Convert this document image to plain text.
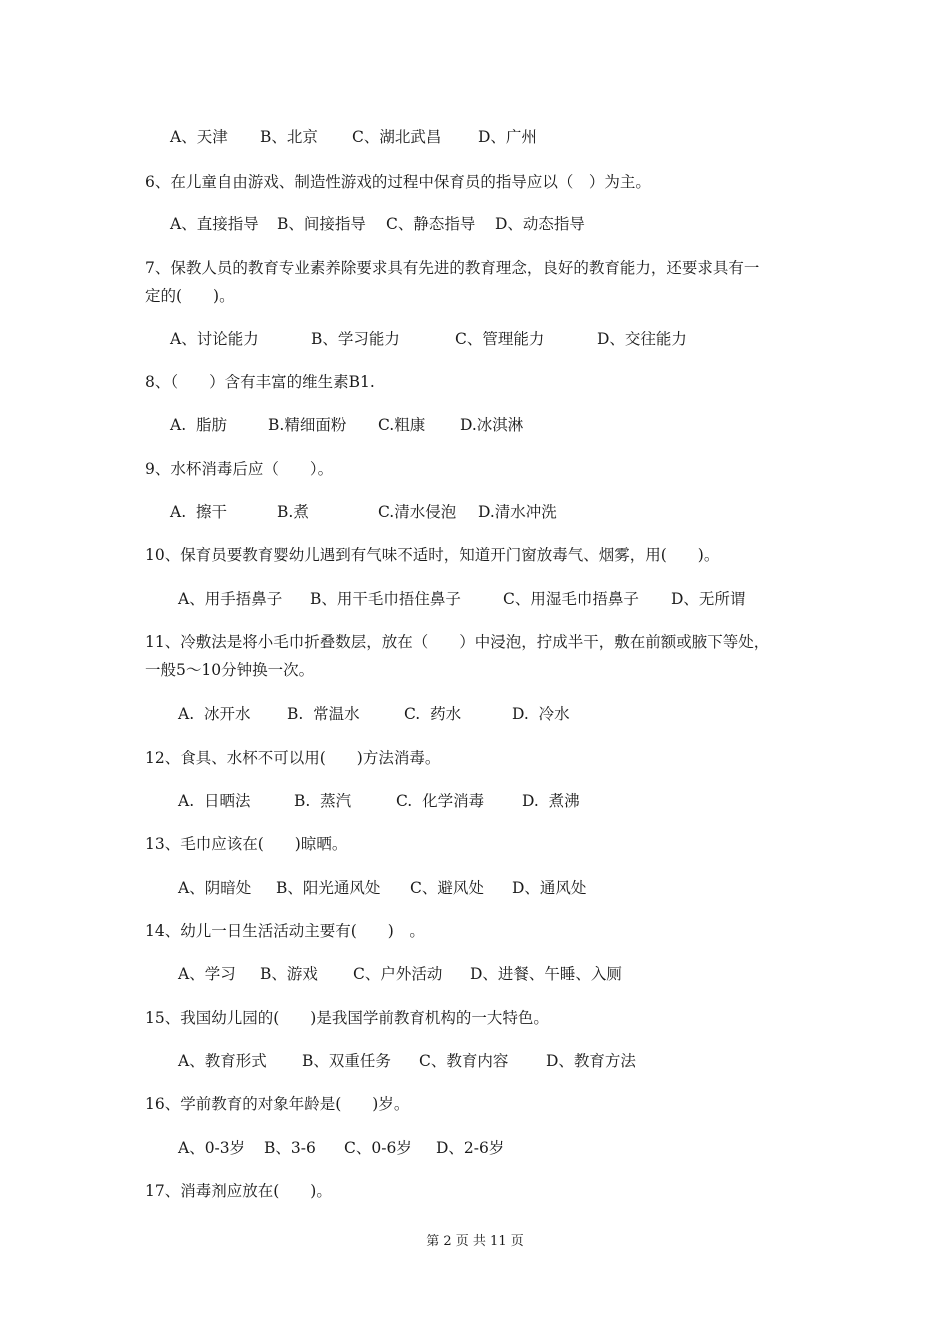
A、天津 B、北京 C、湖北武昌 D、广州
6、在儿童自由游戏、制造性游戏的过程中保育员的指导应以（　）为主。
A、直接指导 B、间接指导 C、静态指导 D、动态指导
7、保教人员的教育专业素养除要求具有先进的教育理念，良好的教育能力，还要求具有一
定的(　　)。
A、讨论能力	B、学习能力	C、管理能力	D、交往能力
8、（　　）含有丰富的维生素B1.
A.  脂肪	B.精细面粉 C.粗康 D.冰淇淋
9、水杯消毒后应（　　）。
A.  擦干	B.煮	C.清水侵泡 D.清水冲洗
10、保育员要教育婴幼儿遇到有气味不适时，知道开门窗放毒气、烟雾，用(　　)。
A、用手捂鼻子 B、用干毛巾捂住鼻子	C、用湿毛巾捂鼻子 D、无所谓
11、冷敷法是将小毛巾折叠数层，放在（　　）中浸泡，拧成半干，敷在前额或腋下等处，
一般5～10分钟换一次。
A.  冰开水 B.  常温水	C.  药水	D.  冷水
12、食具、水杯不可以用(　　)方法消毒。
A.  日晒法	B.  蒸汽	C.  化学消毒 D.  煮沸
13、毛巾应该在(　　)晾晒。
A、阴暗处 B、阳光通风处 C、避风处 D、通风处
14、幼儿一日生活活动主要有(　　)　。
A、学习 B、游戏 C、户外活动 D、进餐、午睡、入厕
15、我国幼儿园的(　　)是我国学前教育机构的一大特色。
A、教育形式 B、双重任务 C、教育内容 D、教育方法
16、学前教育的对象年龄是(　　)岁。
A、0-3岁 B、3-6 C、0-6岁 D、2-6岁
17、消毒剂应放在(　　)。
第 2 页 共 11 页
